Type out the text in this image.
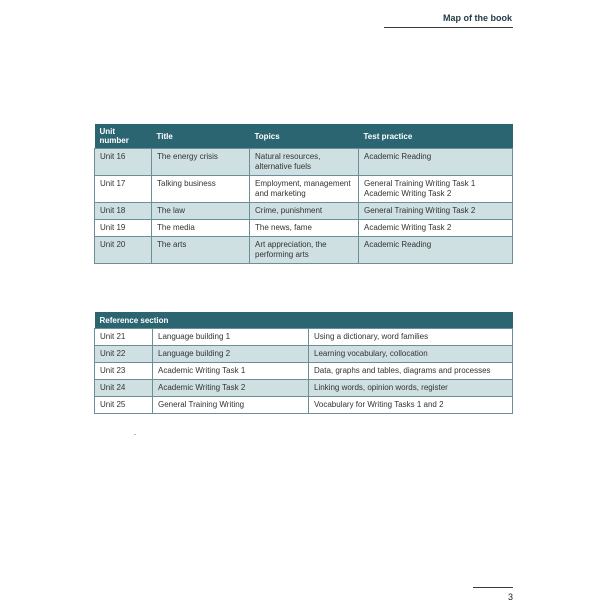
Map of the book
Unit number	Title	Topics	Test practice
Unit 16	The energy crisis	Natural resources, alternative fuels	Academic Reading
Unit 17	Talking business	Employment, management and marketing	General Training Writing Task 1 Academic Writing Task 2
Unit 18	The law	Crime, punishment	General Training Writing Task 2
Unit 19	The media	The news, fame	Academic Writing Task 2
Unit 20	The arts	Art appreciation, the performing arts	Academic Reading
Reference section		
Unit 21	Language building 1	Using a dictionary, word families
Unit 22	Language building 2	Learning vocabulary, collocation
Unit 23	Academic Writing Task 1	Data, graphs and tables, diagrams and processes
Unit 24	Academic Writing Task 2	Linking words, opinion words, register
Unit 25	General Training Writing	Vocabulary for Writing Tasks 1 and 2
3
